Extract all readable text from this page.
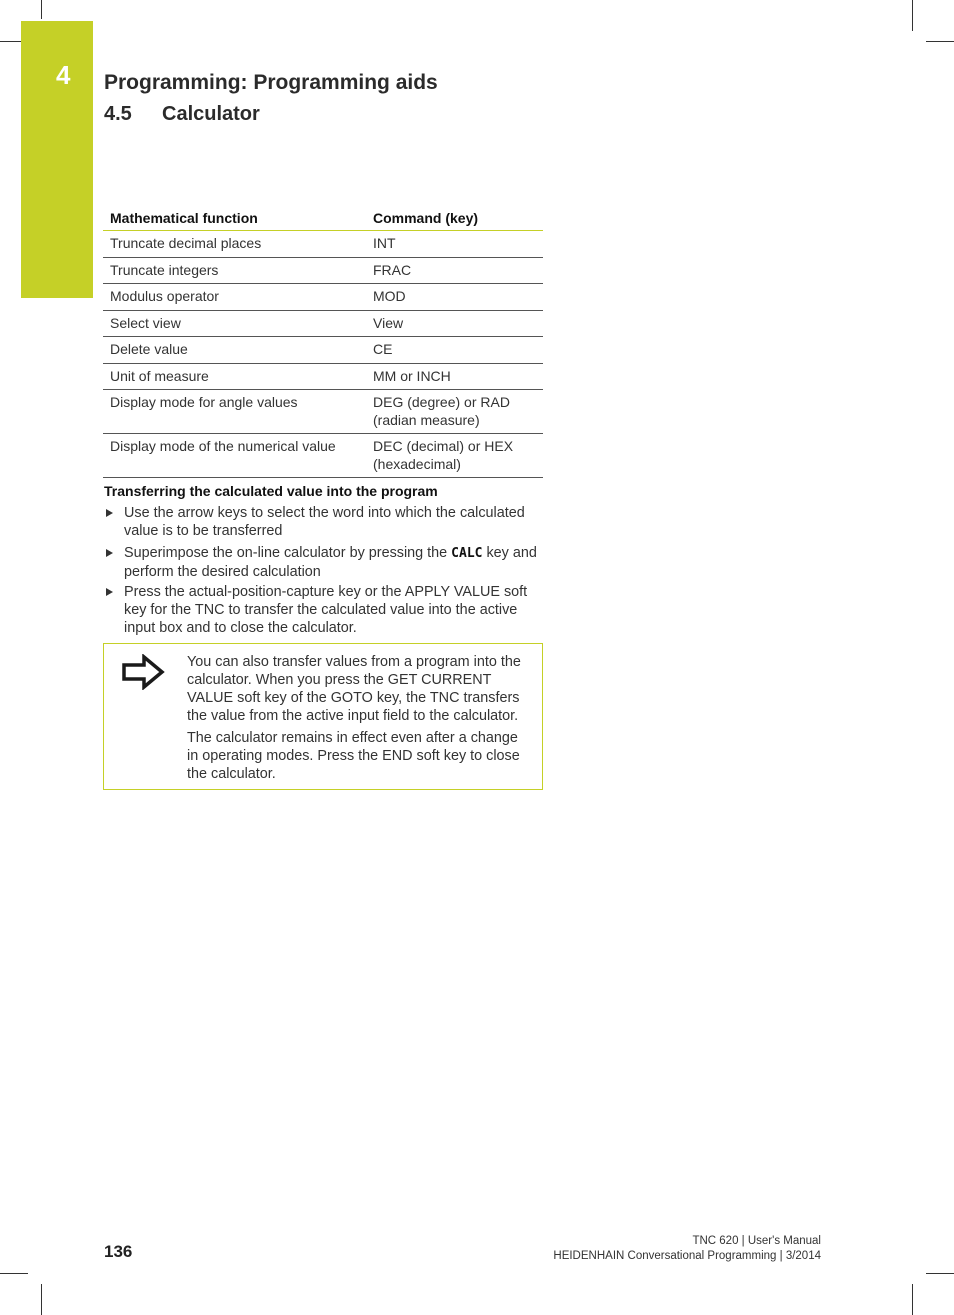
4 Programming: Programming aids
4.5 Calculator
Mathematical function	Command (key)
Truncate decimal places	INT
Truncate integers	FRAC
Modulus operator	MOD
Select view	View
Delete value	CE
Unit of measure	MM or INCH
Display mode for angle values	DEG (degree) or RAD (radian measure)
Display mode of the numerical value	DEC (decimal) or HEX (hexadecimal)
Transferring the calculated value into the program
Use the arrow keys to select the word into which the calculated value is to be transferred
Superimpose the on-line calculator by pressing the CALC key and perform the desired calculation
Press the actual-position-capture key or the APPLY VALUE soft key for the TNC to transfer the calculated value into the active input box and to close the calculator.

You can also transfer values from a program into the calculator. When you press the GET CURRENT VALUE soft key of the GOTO key, the TNC transfers the value from the active input field to the calculator.

The calculator remains in effect even after a change in operating modes. Press the END soft key to close the calculator.

136
TNC 620 | User's Manual
HEIDENHAIN Conversational Programming | 3/2014
